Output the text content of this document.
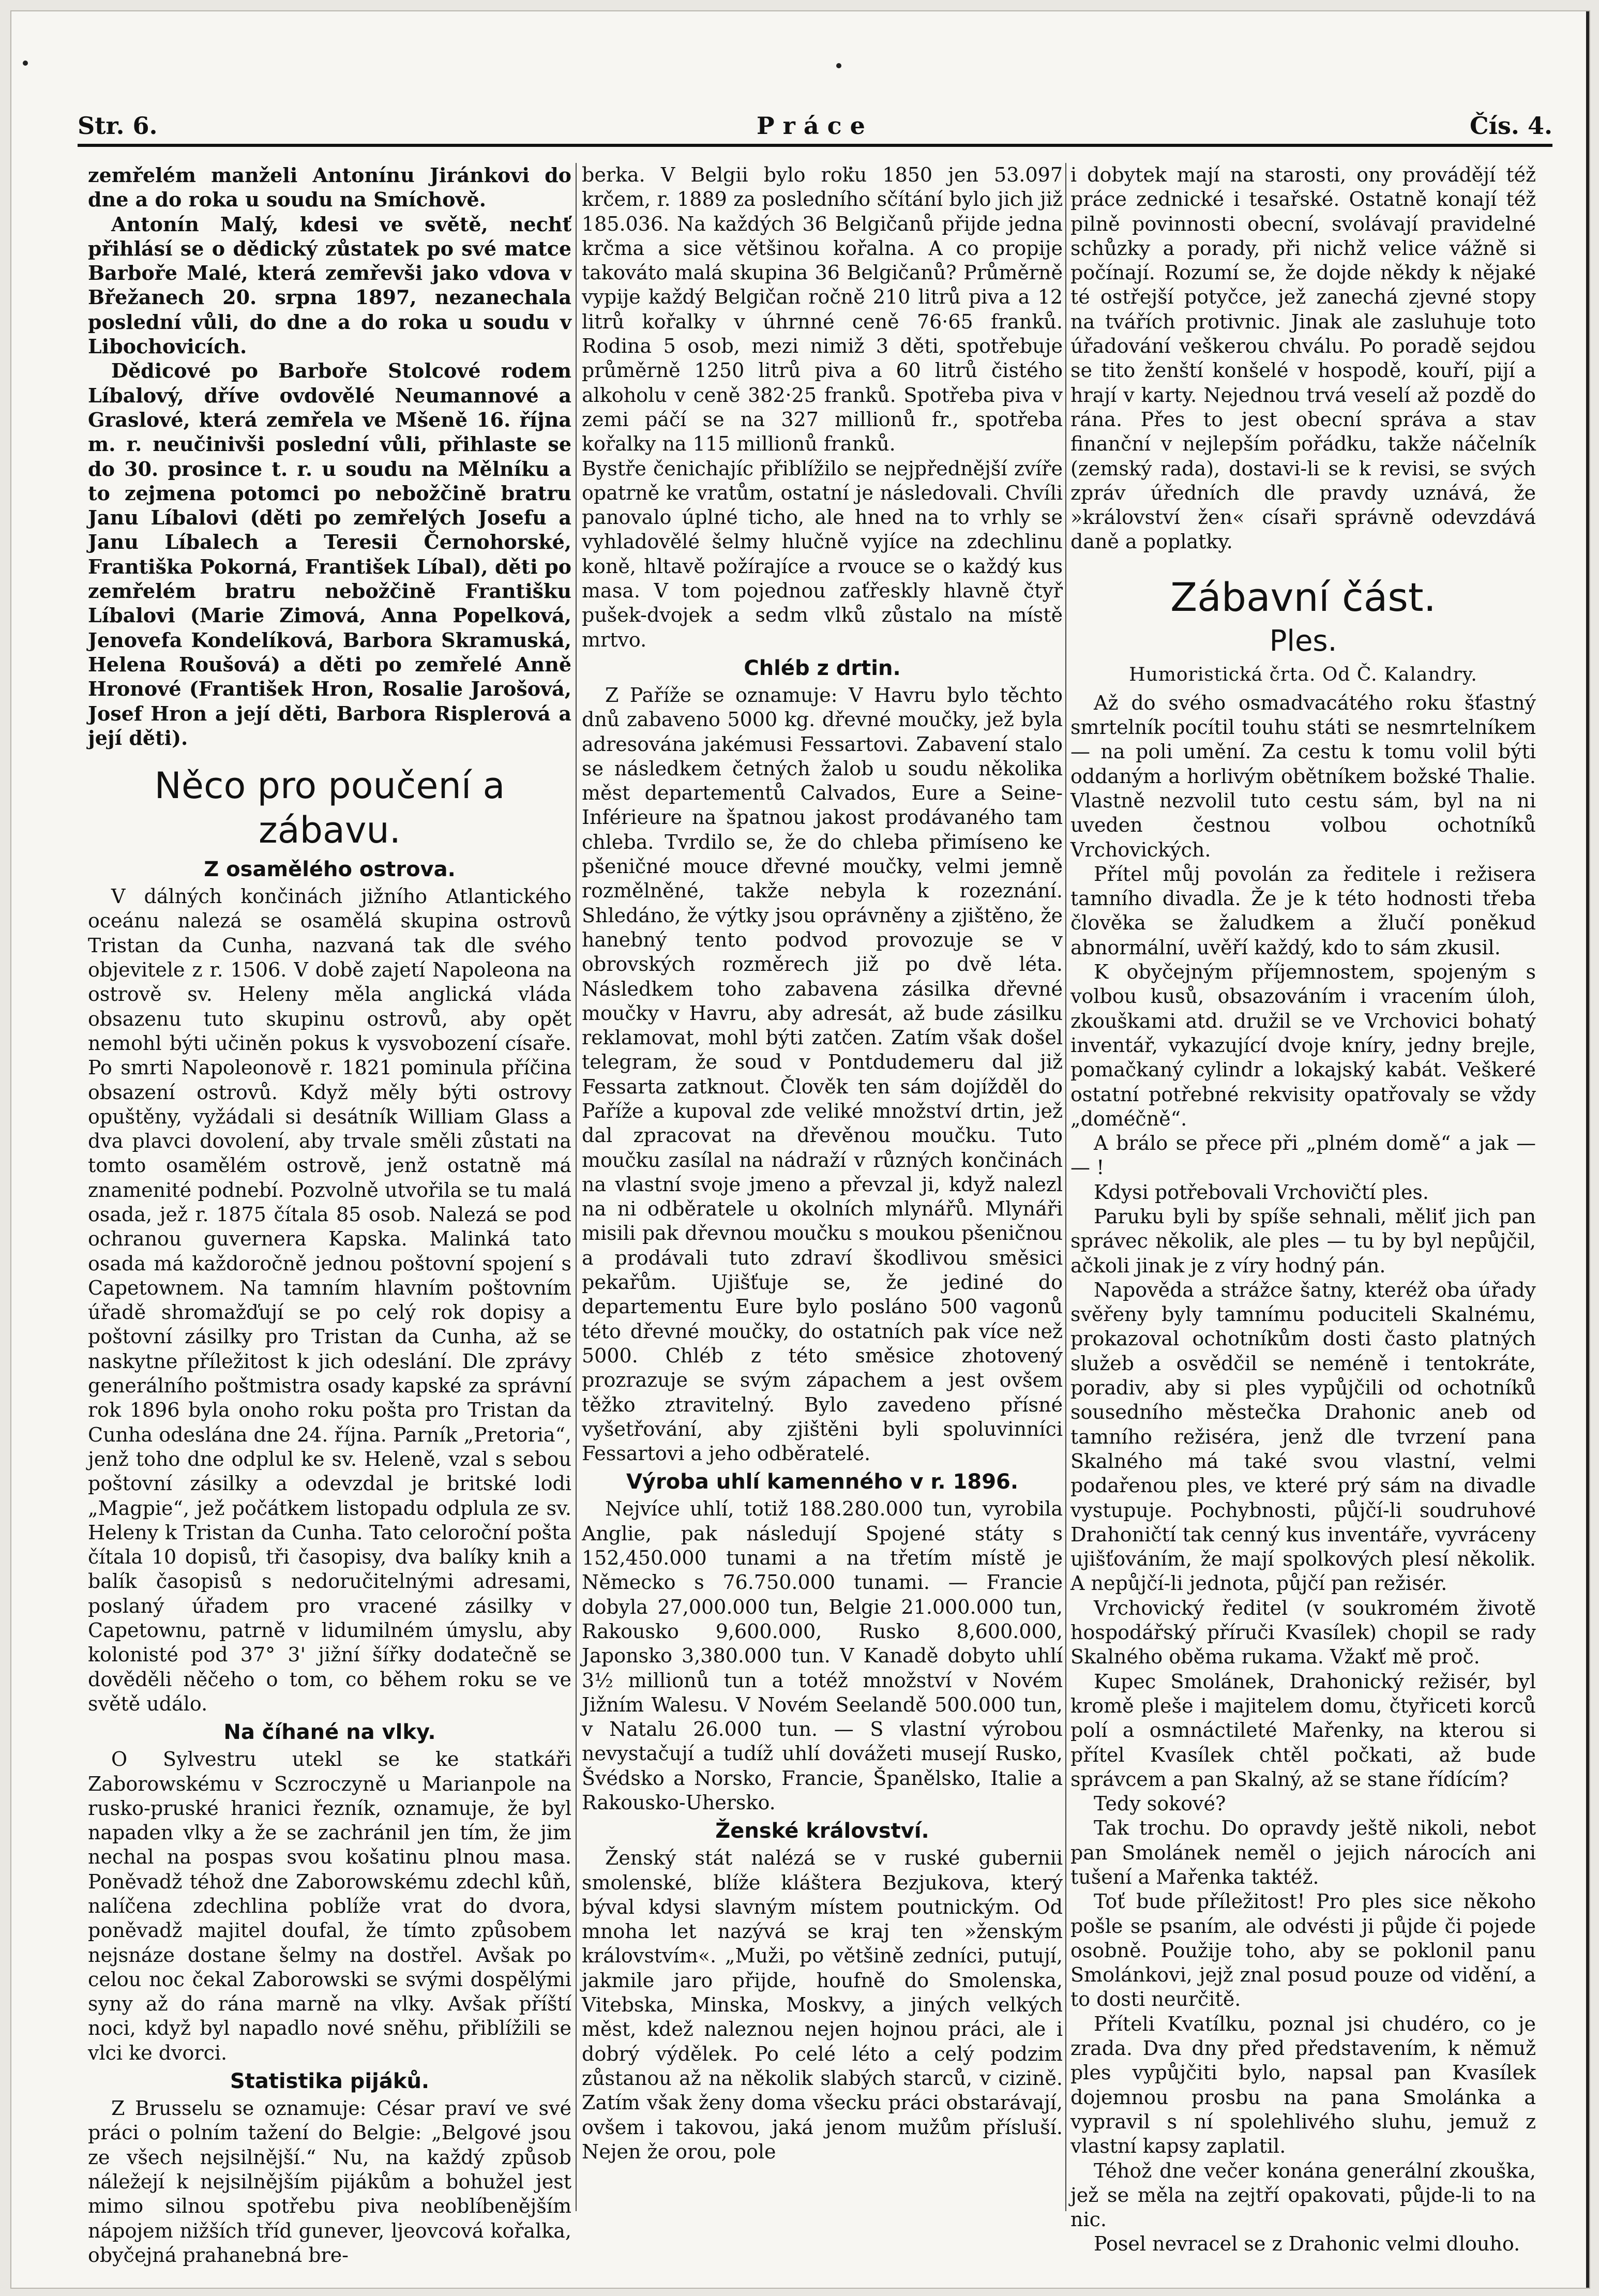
Str. 6.	Práce	Čís. 4.

zemřelém manželi Antonínu Jiránkovi do dne a do roka u soudu na Smíchově.

Antonín Malý, kdesi ve světě, nechť přihlásí se o dědický zůstatek po své matce Barboře Malé, která zemřevši jako vdova v Břežanech 20. srpna 1897, nezanechala poslední vůli, do dne a do roka u soudu v Libochovicích.

Dědicové po Barboře Stolcové rodem Líbalový, dříve ovdovělé Neumannové a Graslové, která zemřela ve Mšeně 16. října m. r. neučinivši poslední vůli, přihlaste se do 30. prosince t. r. u soudu na Mělníku a to zejmena potomci po nebožčině bratru Janu Líbalovi (děti po zemřelých Josefu a Janu Líbalech a Teresii Černohorské, Františka Pokorná, František Líbal), děti po zemřelém bratru nebožčině Františku Líbalovi (Marie Zimová, Anna Popelková, Jenovefa Kondelíková, Barbora Skramuská, Helena Roušová) a děti po zemřelé Anně Hronové (František Hron, Rosalie Jarošová, Josef Hron a její děti, Barbora Risplerová a její děti).

Něco pro poučení a zábavu.
Z osamělého ostrova.

V dálných končinách jižního Atlantického oceánu nalezá se osamělá skupina ostrovů Tristan da Cunha, nazvaná tak dle svého objevitele z r. 1506. V době zajetí Napoleona na ostrově sv. Heleny měla anglická vláda obsazenu tuto skupinu ostrovů, aby opět nemohl býti učiněn pokus k vysvobození císaře. Po smrti Napoleonově r. 1821 pominula příčina obsazení ostrovů. Když měly býti ostrovy opuštěny, vyžádali si desátník William Glass a dva plavci dovolení, aby trvale směli zůstati na tomto osamělém ostrově, jenž ostatně má znamenité podnebí. Pozvolně utvořila se tu malá osada, jež r. 1875 čítala 85 osob. Nalezá se pod ochranou guvernera Kapska. Malinká tato osada má každoročně jednou poštovní spojení s Capetownem. Na tamním hlavním poštovním úřadě shromažďují se po celý rok dopisy a poštovní zásilky pro Tristan da Cunha, až se naskytne příležitost k jich odeslání. Dle zprávy generálního poštmistra osady kapské za správní rok 1896 byla onoho roku pošta pro Tristan da Cunha odeslána dne 24. října. Parník „Pretoria“, jenž toho dne odplul ke sv. Heleně, vzal s sebou poštovní zásilky a odevzdal je britské lodi „Magpie“, jež počátkem listopadu odplula ze sv. Heleny k Tristan da Cunha. Tato celoroční pošta čítala 10 dopisů, tři časopisy, dva balíky knih a balík časopisů s nedoručitelnými adresami, poslaný úřadem pro vracené zásilky v Capetownu, patrně v lidumilném úmyslu, aby kolonisté pod 37° 3' jižní šířky dodatečně se dověděli něčeho o tom, co během roku se ve světě událo.

Na číhané na vlky.

O Sylvestru utekl se ke statkáři Zaborowskému v Sczroczyně u Marianpole na rusko-pruské hranici řezník, oznamuje, že byl napaden vlky a že se zachránil jen tím, že jim nechal na pospas svou košatinu plnou masa. Poněvadž téhož dne Zaborowskému zdechl kůň, nalíčena zdechlina poblíže vrat do dvora, poněvadž majitel doufal, že tímto způsobem nejsnáze dostane šelmy na dostřel. Avšak po celou noc čekal Zaborowski se svými dospělými syny až do rána marně na vlky. Avšak příští noci, když byl napadlo nové sněhu, přiblížili se vlci ke dvorci.

Statistika pijáků.

Z Brusselu se oznamuje: César praví ve své práci o polním tažení do Belgie: „Belgové jsou ze všech nejsilnější.“ Nu, na každý způsob náležejí k nejsilnějším pijákům a bohužel jest mimo silnou spotřebu piva neoblíbenějším nápojem nižších tříd gunever, ljeovcová kořalka, obyčejná prahanebná bre-

berka. V Belgii bylo roku 1850 jen 53.097 krčem, r. 1889 za posledního sčítání bylo jich již 185.036. Na každých 36 Belgičanů přijde jedna krčma a sice většinou kořalna. A co propije takováto malá skupina 36 Belgičanů? Průměrně vypije každý Belgičan ročně 210 litrů piva a 12 litrů kořalky v úhrnné ceně 76·65 franků. Rodina 5 osob, mezi nimiž 3 děti, spotřebuje průměrně 1250 litrů piva a 60 litrů čistého alkoholu v ceně 382·25 franků. Spotřeba piva v zemi páčí se na 327 millionů fr., spotřeba kořalky na 115 millionů franků.

Bystře čenichajíc přiblížilo se nejpřednější zvíře opatrně ke vratům, ostatní je následovali. Chvíli panovalo úplné ticho, ale hned na to vrhly se vyhladovělé šelmy hlučně vyjíce na zdechlinu koně, hltavě požírajíce a rvouce se o každý kus masa. V tom pojednou zaťřeskly hlavně čtyř pušek-dvojek a sedm vlků zůstalo na místě mrtvo.

Chléb z drtin.

Z Paříže se oznamuje: V Havru bylo těchto dnů zabaveno 5000 kg. dřevné moučky, jež byla adresována jakémusi Fessartovi. Zabavení stalo se následkem četných žalob u soudu několika měst departementů Calvados, Eure a Seine-Inférieure na špatnou jakost prodávaného tam chleba. Tvrdilo se, že do chleba přimíseno ke pšeničné mouce dřevné moučky, velmi jemně rozmělněné, takže nebyla k rozeznání. Shledáno, že výtky jsou oprávněny a zjištěno, že hanebný tento podvod provozuje se v obrovských rozměrech již po dvě léta. Následkem toho zabavena zásilka dřevné moučky v Havru, aby adresát, až bude zásilku reklamovat, mohl býti zatčen. Zatím však došel telegram, že soud v Pontdudemeru dal již Fessarta zatknout. Člověk ten sám dojížděl do Paříže a kupoval zde veliké množství drtin, jež dal zpracovat na dřevěnou moučku. Tuto moučku zasílal na nádraží v různých končinách na vlastní svoje jmeno a převzal ji, když nalezl na ni odběratele u okolních mlynářů. Mlynáři misili pak dřevnou moučku s moukou pšeničnou a prodávali tuto zdraví škodlivou směsici pekařům. Ujišťuje se, že jediné do departementu Eure bylo posláno 500 vagonů této dřevné moučky, do ostatních pak více než 5000. Chléb z této směsice zhotovený prozrazuje se svým zápachem a jest ovšem těžko ztravitelný. Bylo zavedeno přísné vyšetřování, aby zjištěni byli spoluvinníci Fessartovi a jeho odběratelé.

Výroba uhlí kamenného v r. 1896.

Nejvíce uhlí, totiž 188.280.000 tun, vyrobila Anglie, pak následují Spojené státy s 152,450.000 tunami a na třetím místě je Německo s 76.750.000 tunami. — Francie dobyla 27,000.000 tun, Belgie 21.000.000 tun, Rakousko 9,600.000, Rusko 8,600.000, Japonsko 3,380.000 tun. V Kanadě dobyto uhlí 3½ millionů tun a totéž množství v Novém Jižním Walesu. V Novém Seelandě 500.000 tun, v Natalu 26.000 tun. — S vlastní výrobou nevystačují a tudíž uhlí dovážeti musejí Rusko, Švédsko a Norsko, Francie, Španělsko, Italie a Rakousko-Uhersko.

Ženské království.

Ženský stát nalézá se v ruské gubernii smolenské, blíže kláštera Bezjukova, který býval kdysi slavným místem poutnickým. Od mnoha let nazývá se kraj ten »ženským královstvím«. „Muži, po většině zedníci, putují, jakmile jaro přijde, houfně do Smolenska, Vitebska, Minska, Moskvy, a jiných velkých měst, kdež naleznou nejen hojnou práci, ale i dobrý výdělek. Po celé léto a celý podzim zůstanou až na několik slabých starců, v cizině. Zatím však ženy doma všecku práci obstarávají, ovšem i takovou, jaká jenom mužům přísluší. Nejen že orou, pole

i dobytek mají na starosti, ony provádějí též práce zednické i tesařské. Ostatně konají též pilně povinnosti obecní, svolávají pravidelné schůzky a porady, při nichž velice vážně si počínají. Rozumí se, že dojde někdy k nějaké té ostřejší potyčce, jež zanechá zjevné stopy na tvářích protivnic. Jinak ale zasluhuje toto úřadování veškerou chválu. Po poradě sejdou se tito ženští konšelé v hospodě, kouří, pijí a hrají v karty. Nejednou trvá veselí až pozdě do rána. Přes to jest obecní správa a stav finanční v nejlepším pořádku, takže náčelník (zemský rada), dostavi-li se k revisi, se svých zpráv úředních dle pravdy uznává, že »království žen« císaři správně odevzdává daně a poplatky.

Zábavní část.
Ples.
Humoristická črta. Od Č. Kalandry.

Až do svého osmadvacátého roku šťastný smrtelník pocítil touhu státi se nesmrtelníkem — na poli umění. Za cestu k tomu volil býti oddaným a horlivým obětníkem božské Thalie. Vlastně nezvolil tuto cestu sám, byl na ni uveden čestnou volbou ochotníků Vrchovických.

Přítel můj povolán za ředitele i režisera tamního divadla. Že je k této hodnosti třeba člověka se žaludkem a žlučí poněkud abnormální, uvěří každý, kdo to sám zkusil.

K obyčejným příjemnostem, spojeným s volbou kusů, obsazováním i vracením úloh, zkouškami atd. družil se ve Vrchovici bohatý inventář, vykazující dvoje kníry, jedny brejle, pomačkaný cylindr a lokajský kabát. Veškeré ostatní potřebné rekvisity opatřovaly se vždy „doméčně“.

A brálo se přece při „plném domě“ a jak — — !

Kdysi potřebovali Vrchovičtí ples.

Paruku byli by spíše sehnali, měliť jich pan správec několik, ale ples — tu by byl nepůjčil, ačkoli jinak je z víry hodný pán.

Napověda a strážce šatny, kteréž oba úřady svěřeny byly tamnímu poduciteli Skalnému, prokazoval ochotníkům dosti často platných služeb a osvědčil se neméně i tentokráte, poradiv, aby si ples vypůjčili od ochotníků sousedního městečka Drahonic aneb od tamního režiséra, jenž dle tvrzení pana Skalného má také svou vlastní, velmi podařenou ples, ve které prý sám na divadle vystupuje. Pochybnosti, půjčí-li soudruhové Drahoničtí tak cenný kus inventáře, vyvráceny ujišťováním, že mají spolkových plesí několik. A nepůjčí-li jednota, půjčí pan režisér.

Vrchovický ředitel (v soukromém životě hospodářský příruči Kvasílek) chopil se rady Skalného oběma rukama. Vžakť mě proč.

Kupec Smolánek, Drahonický režisér, byl kromě pleše i majitelem domu, čtyřiceti korců polí a osmnáctileté Mařenky, na kterou si přítel Kvasílek chtěl počkati, až bude správcem a pan Skalný, až se stane řídícím?

Tedy sokové?

Tak trochu. Do opravdy ještě nikoli, nebot pan Smolánek neměl o jejich nárocích ani tušení a Mařenka taktéž.

Toť bude příležitost! Pro ples sice někoho pošle se psaním, ale odvésti ji půjde či pojede osobně. Použije toho, aby se poklonil panu Smolánkovi, jejž znal posud pouze od vidění, a to dosti neurčitě.

Příteli Kvatílku, poznal jsi chudéro, co je zrada. Dva dny před představením, k němuž ples vypůjčiti bylo, napsal pan Kvasílek dojemnou prosbu na pana Smolánka a vypravil s ní spolehlivého sluhu, jemuž z vlastní kapsy zaplatil.

Téhož dne večer konána generální zkouška, jež se měla na zejtří opakovati, půjde-li to na nic.

Posel nevracel se z Drahonic velmi dlouho.
